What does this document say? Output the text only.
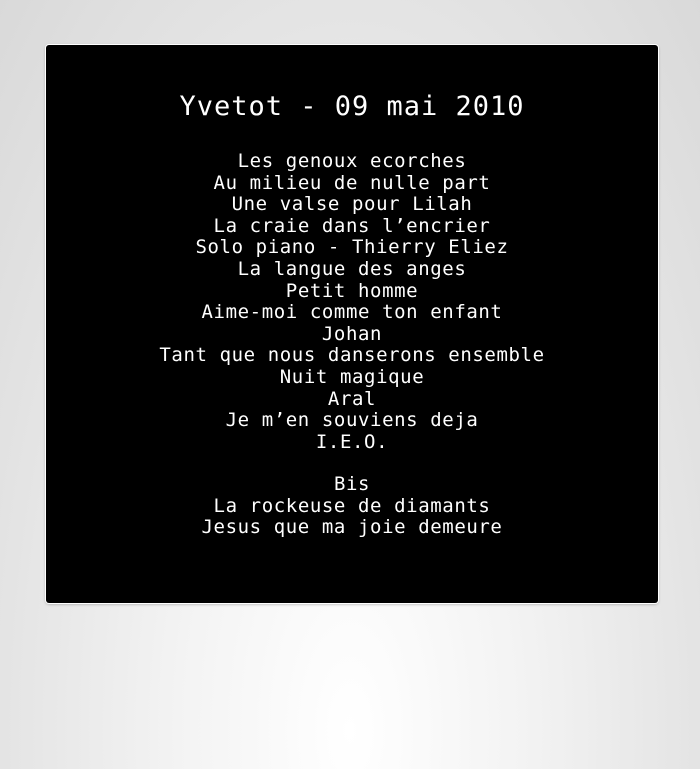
Yvetot - 09 mai 2010
Les genoux ecorches
Au milieu de nulle part
Une valse pour Lilah
La craie dans l’encrier
Solo piano - Thierry Eliez
La langue des anges
Petit homme
Aime-moi comme ton enfant
Johan
Tant que nous danserons ensemble
Nuit magique
Aral
Je m’en souviens deja
I.E.O.
Bis
La rockeuse de diamants
Jesus que ma joie demeure
